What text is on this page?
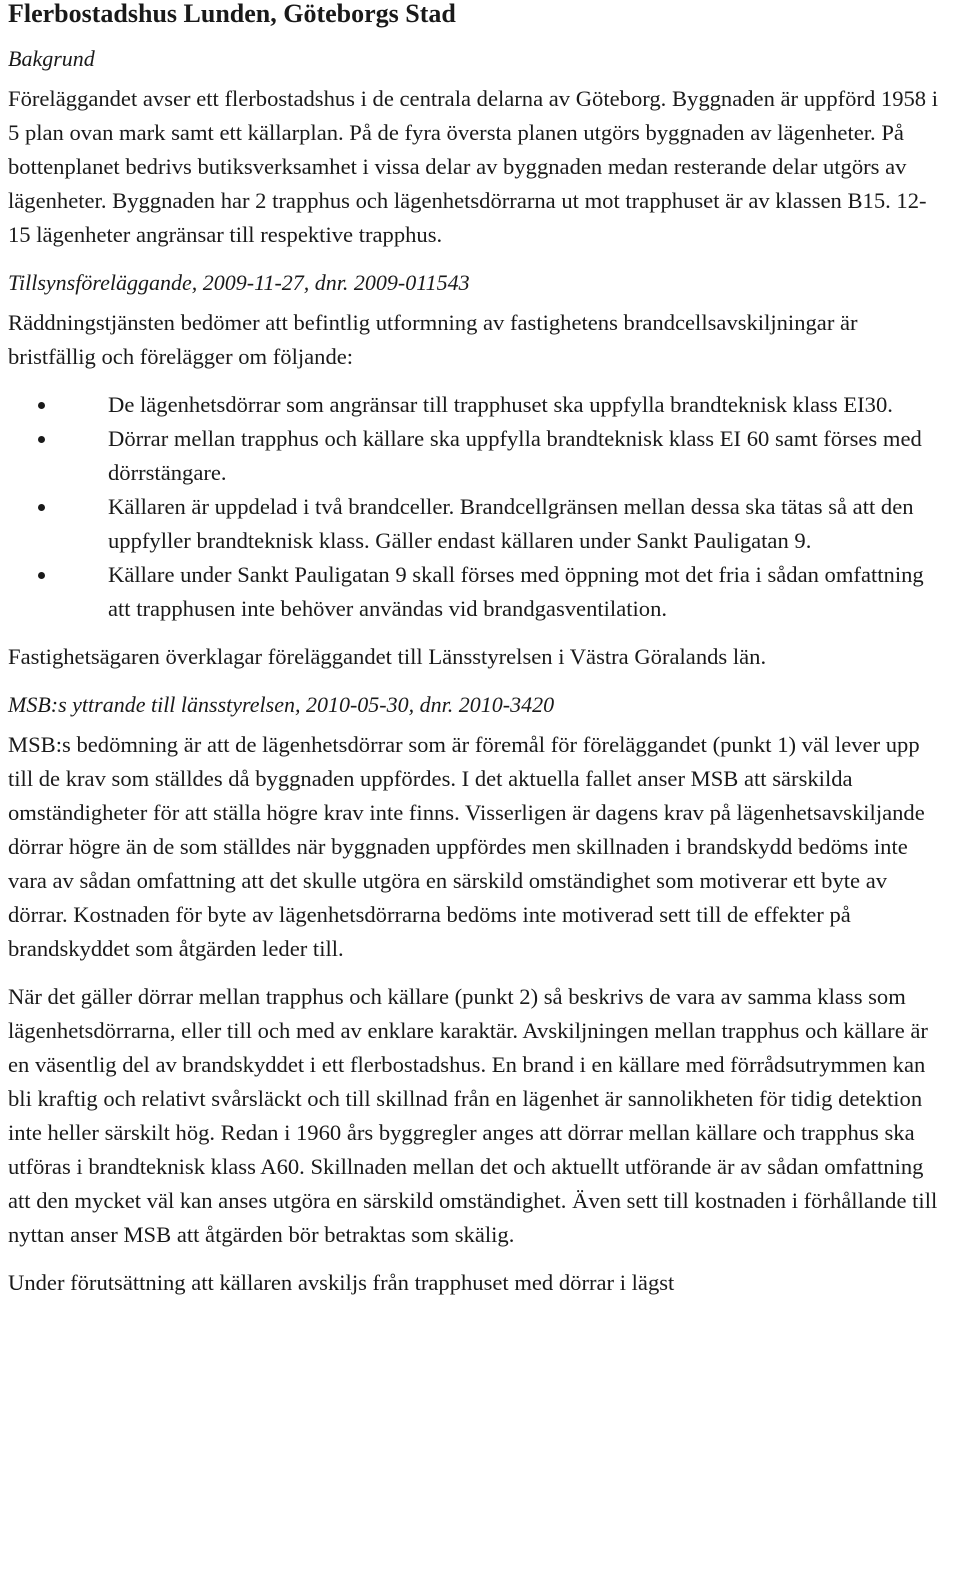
Flerbostadshus Lunden, Göteborgs Stad
Bakgrund

Föreläggandet avser ett flerbostadshus i de centrala delarna av Göteborg. Byggnaden är uppförd 1958 i 5 plan ovan mark samt ett källarplan. På de fyra översta planen utgörs byggnaden av lägenheter. På bottenplanet bedrivs butiksverksamhet i vissa delar av byggnaden medan resterande delar utgörs av lägenheter. Byggnaden har 2 trapphus och lägenhetsdörrarna ut mot trapphuset är av klassen B15. 12-15 lägenheter angränsar till respektive trapphus.

Tillsynsföreläggande, 2009-11-27, dnr. 2009-011543

Räddningstjänsten bedömer att befintlig utformning av fastighetens brandcellsavskiljningar är bristfällig och förelägger om följande:

De lägenhetsdörrar som angränsar till trapphuset ska uppfylla brandteknisk klass EI30.
Dörrar mellan trapphus och källare ska uppfylla brandteknisk klass EI 60 samt förses med dörrstängare.
Källaren är uppdelad i två brandceller. Brandcellgränsen mellan dessa ska tätas så att den uppfyller brandteknisk klass. Gäller endast källaren under Sankt Pauligatan 9.
Källare under Sankt Pauligatan 9 skall förses med öppning mot det fria i sådan omfattning att trapphusen inte behöver användas vid brandgasventilation.

Fastighetsägaren överklagar föreläggandet till Länsstyrelsen i Västra Göralands län.

MSB:s yttrande till länsstyrelsen, 2010-05-30, dnr. 2010-3420

MSB:s bedömning är att de lägenhetsdörrar som är föremål för föreläggandet (punkt 1) väl lever upp till de krav som ställdes då byggnaden uppfördes. I det aktuella fallet anser MSB att särskilda omständigheter för att ställa högre krav inte finns. Visserligen är dagens krav på lägenhetsavskiljande dörrar högre än de som ställdes när byggnaden uppfördes men skillnaden i brandskydd bedöms inte vara av sådan omfattning att det skulle utgöra en särskild omständighet som motiverar ett byte av dörrar. Kostnaden för byte av lägenhetsdörrarna bedöms inte motiverad sett till de effekter på brandskyddet som åtgärden leder till.

När det gäller dörrar mellan trapphus och källare (punkt 2) så beskrivs de vara av samma klass som lägenhetsdörrarna, eller till och med av enklare karaktär. Avskiljningen mellan trapphus och källare är en väsentlig del av brandskyddet i ett flerbostadshus. En brand i en källare med förrådsutrymmen kan bli kraftig och relativt svårsläckt och till skillnad från en lägenhet är sannolikheten för tidig detektion inte heller särskilt hög. Redan i 1960 års byggregler anges att dörrar mellan källare och trapphus ska utföras i brandteknisk klass A60. Skillnaden mellan det och aktuellt utförande är av sådan omfattning att den mycket väl kan anses utgöra en särskild omständighet. Även sett till kostnaden i förhållande till nyttan anser MSB att åtgärden bör betraktas som skälig.

Under förutsättning att källaren avskiljs från trapphuset med dörrar i lägst
